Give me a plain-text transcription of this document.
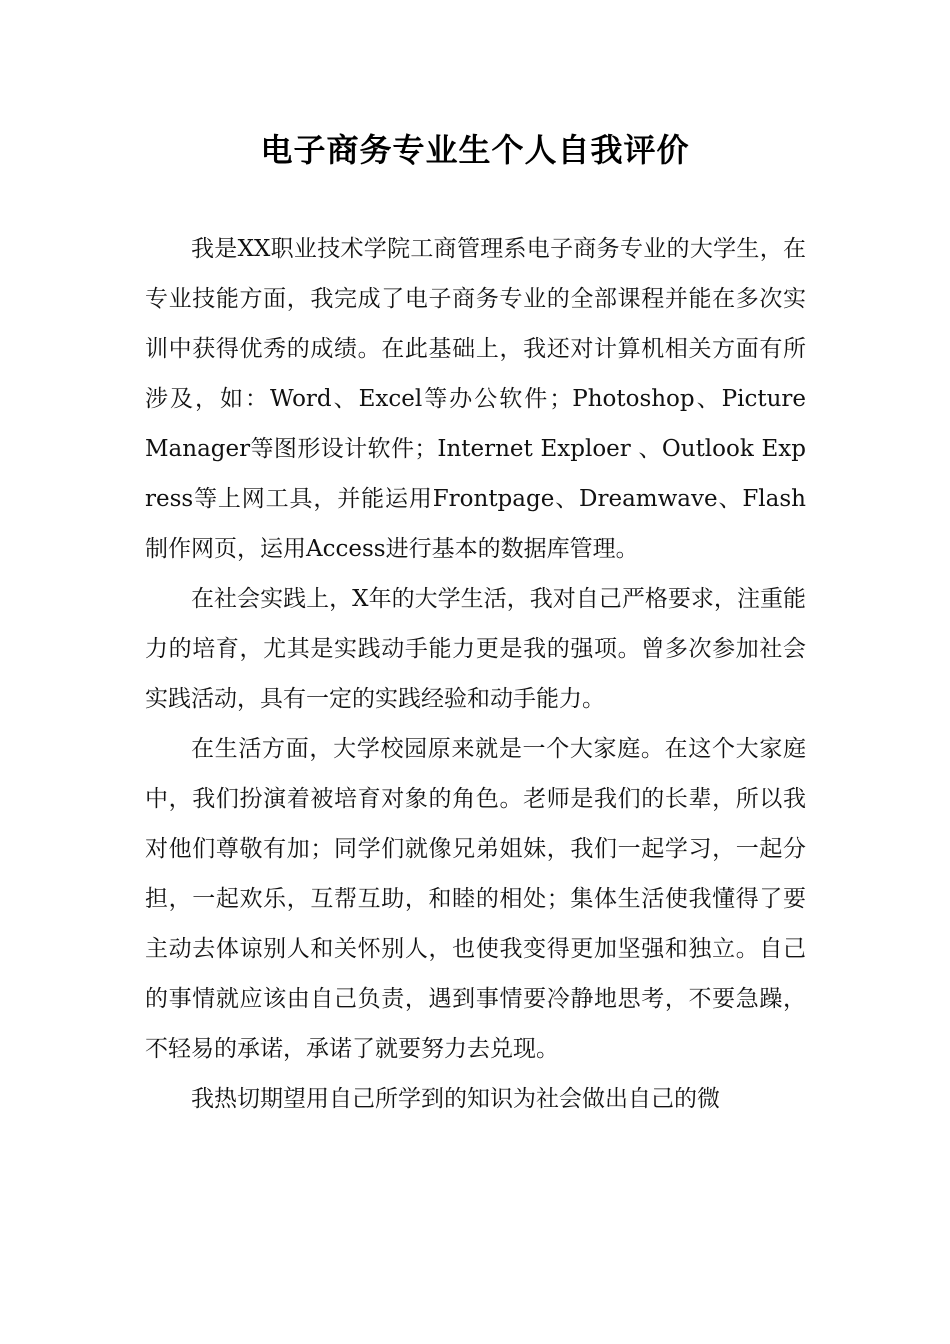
电子商务专业生个人自我评价

我是XX职业技术学院工商管理系电子商务专业的大学生，在专业技能方面，我完成了电子商务专业的全部课程并能在多次实训中获得优秀的成绩。在此基础上，我还对计算机相关方面有所涉及，如：Word、Excel等办公软件；Photoshop、Picture Manager等图形设计软件；Internet Exploer 、Outlook Express等上网工具，并能运用Frontpage、Dreamwave、Flash制作网页，运用Access进行基本的数据库管理。

在社会实践上，X年的大学生活，我对自己严格要求，注重能力的培育，尤其是实践动手能力更是我的强项。曾多次参加社会实践活动，具有一定的实践经验和动手能力。

在生活方面，大学校园原来就是一个大家庭。在这个大家庭中，我们扮演着被培育对象的角色。老师是我们的长辈，所以我对他们尊敬有加；同学们就像兄弟姐妹，我们一起学习，一起分担，一起欢乐，互帮互助，和睦的相处；集体生活使我懂得了要主动去体谅别人和关怀别人，也使我变得更加坚强和独立。自己的事情就应该由自己负责，遇到事情要冷静地思考，不要急躁，不轻易的承诺，承诺了就要努力去兑现。

我热切期望用自己所学到的知识为社会做出自己的微
